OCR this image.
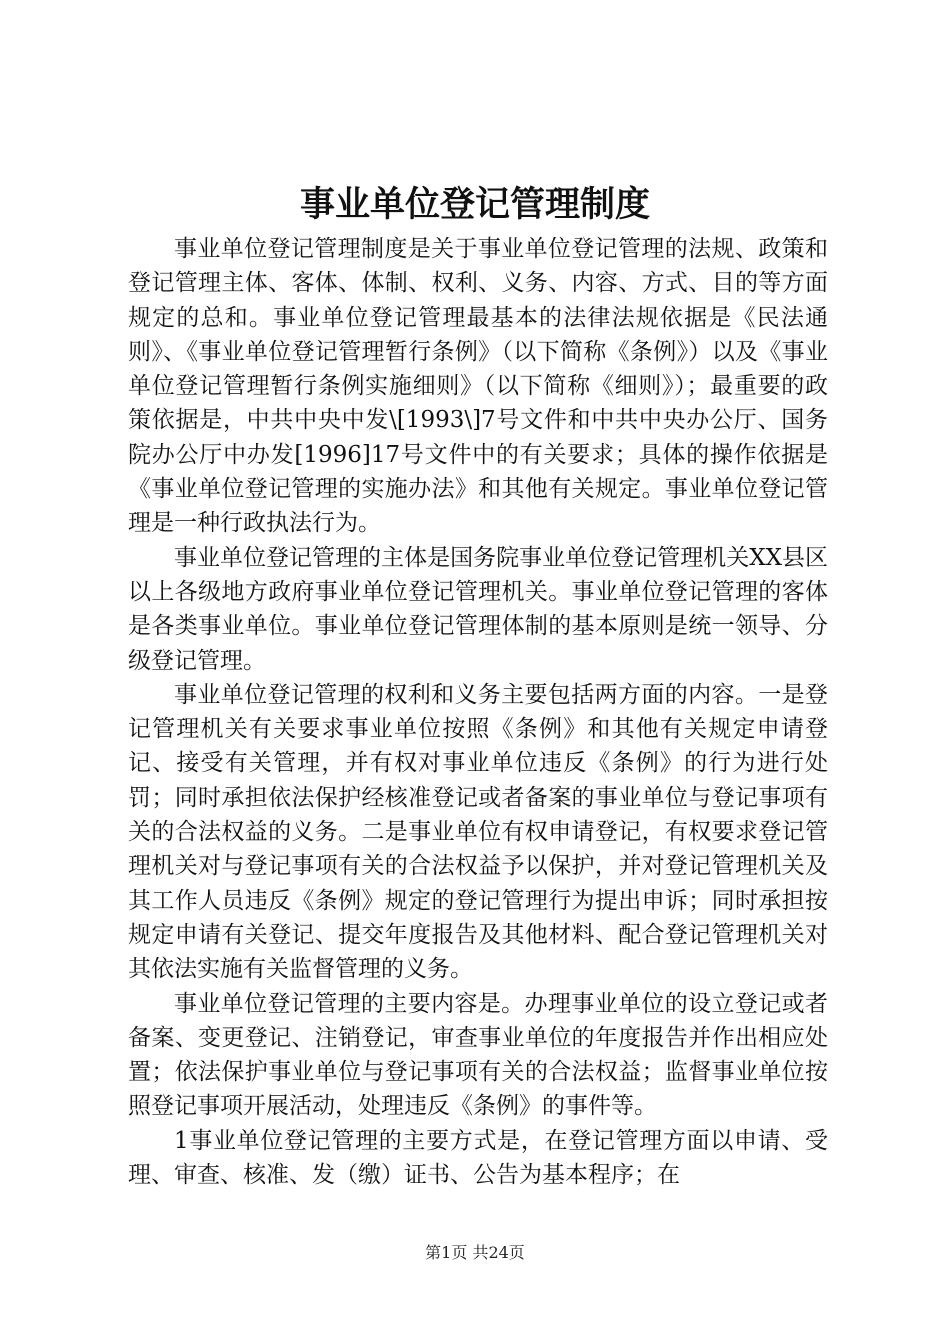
事业单位登记管理制度

事业单位登记管理制度是关于事业单位登记管理的法规、政策和登记管理主体、客体、体制、权利、义务、内容、方式、目的等方面规定的总和。事业单位登记管理最基本的法律法规依据是《民法通则》、《事业单位登记管理暂行条例》（以下简称《条例》）以及《事业单位登记管理暂行条例实施细则》（以下简称《细则》）；最重要的政策依据是，中共中央中发\[1993\]7号文件和中共中央办公厅、国务院办公厅中办发[1996]17号文件中的有关要求；具体的操作依据是《事业单位登记管理的实施办法》和其他有关规定。事业单位登记管理是一种行政执法行为。

事业单位登记管理的主体是国务院事业单位登记管理机关XX县区以上各级地方政府事业单位登记管理机关。事业单位登记管理的客体是各类事业单位。事业单位登记管理体制的基本原则是统一领导、分级登记管理。

事业单位登记管理的权利和义务主要包括两方面的内容。一是登记管理机关有关要求事业单位按照《条例》和其他有关规定申请登记、接受有关管理，并有权对事业单位违反《条例》的行为进行处罚；同时承担依法保护经核准登记或者备案的事业单位与登记事项有关的合法权益的义务。二是事业单位有权申请登记，有权要求登记管理机关对与登记事项有关的合法权益予以保护，并对登记管理机关及其工作人员违反《条例》规定的登记管理行为提出申诉；同时承担按规定申请有关登记、提交年度报告及其他材料、配合登记管理机关对其依法实施有关监督管理的义务。

事业单位登记管理的主要内容是。办理事业单位的设立登记或者备案、变更登记、注销登记，审查事业单位的年度报告并作出相应处置；依法保护事业单位与登记事项有关的合法权益；监督事业单位按照登记事项开展活动，处理违反《条例》的事件等。

1事业单位登记管理的主要方式是，在登记管理方面以申请、受理、审查、核准、发（缴）证书、公告为基本程序；在

第1页 共24页
